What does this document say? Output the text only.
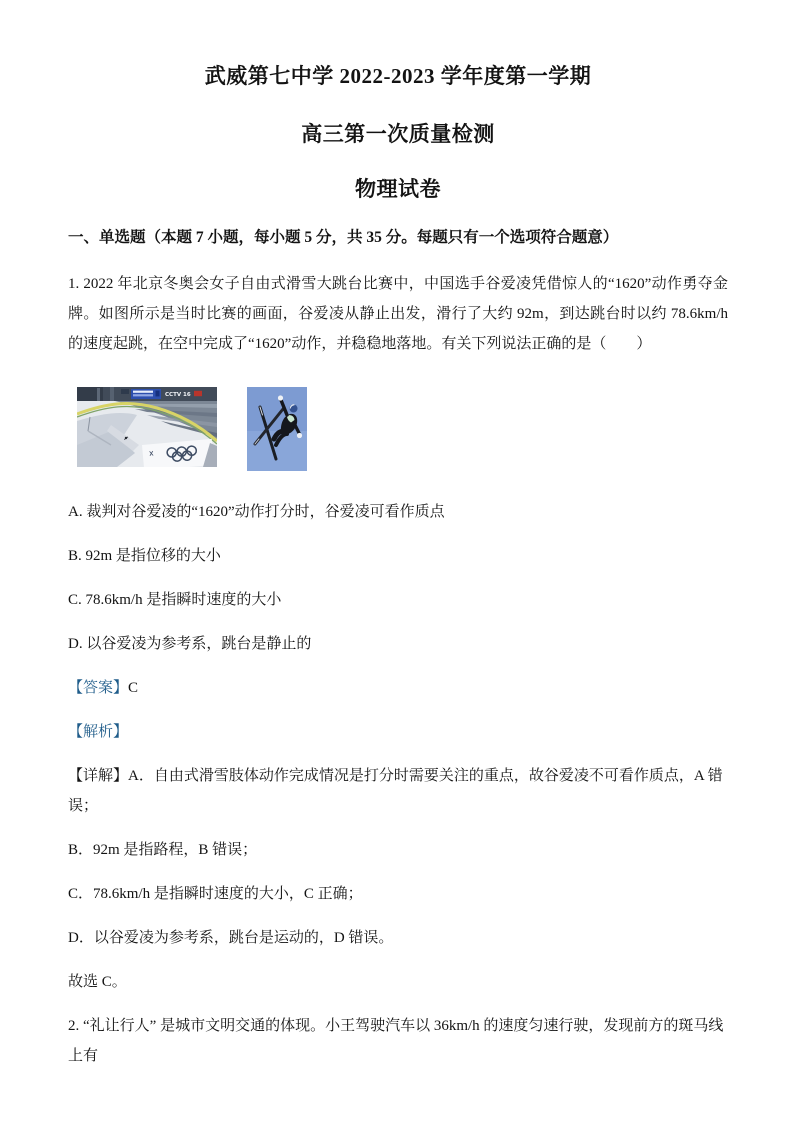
武威第七中学 2022-2023 学年度第一学期
高三第一次质量检测
物理试卷

一、单选题（本题 7 小题，每小题 5 分，共 35 分。每题只有一个选项符合题意）

1. 2022 年北京冬奥会女子自由式滑雪大跳台比赛中，中国选手谷爱凌凭借惊人的“1620”动作勇夺金牌。如图所示是当时比赛的画面，谷爱凌从静止出发，滑行了大约 92m，到达跳台时以约 78.6km/h 的速度起跳，在空中完成了“1620”动作，并稳稳地落地。有关下列说法正确的是（　　）

CCTV 16

A. 裁判对谷爱凌的“1620”动作打分时，谷爱凌可看作质点

B. 92m 是指位移的大小

C. 78.6km/h 是指瞬时速度的大小

D. 以谷爱凌为参考系，跳台是静止的

【答案】C

【解析】

【详解】A．自由式滑雪肢体动作完成情况是打分时需要关注的重点，故谷爱凌不可看作质点，A 错误；

B．92m 是指路程，B 错误；

C．78.6km/h 是指瞬时速度的大小，C 正确；

D．以谷爱凌为参考系，跳台是运动的，D 错误。

故选 C。

2. “礼让行人” 是城市文明交通的体现。小王驾驶汽车以 36km/h 的速度匀速行驶，发现前方的斑马线上有
